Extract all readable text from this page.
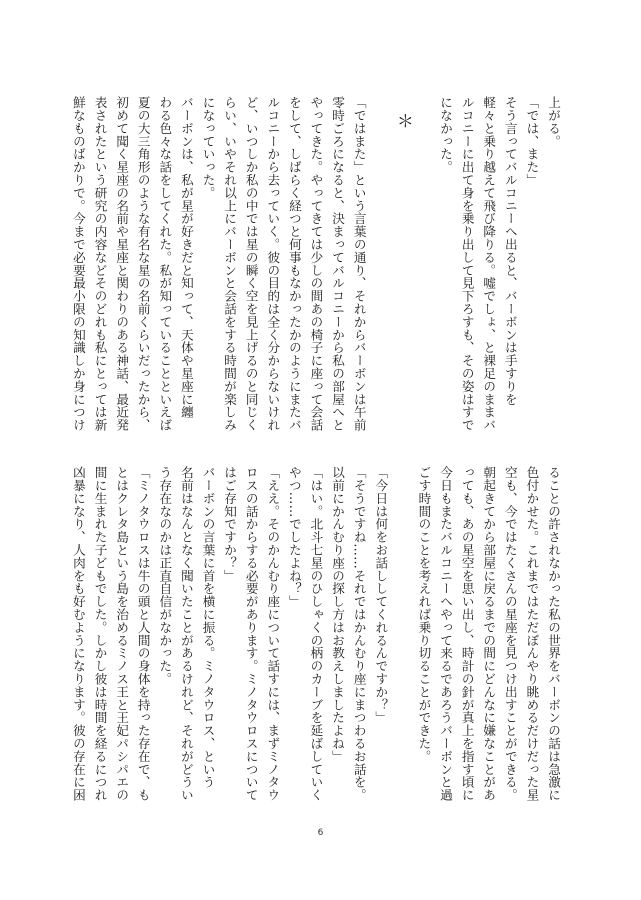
上がる。

「では、また」

そう言ってバルコニーへ出ると、バーボンは手すりを

軽々と乗り越えて飛び降りる。嘘でしょ、と裸足のままバ

ルコニーに出て身を乗り出して見下ろすも、その姿はすで

になかった。

＊

「ではまた」という言葉の通り、それからバーボンは午前

零時ごろになると、決まってバルコニーから私の部屋へと

やってきた。やってきては少しの間あの椅子に座って会話

をして、しばらく経つと何事もなかったかのようにまたバ

ルコニーから去っていく。彼の目的は全く分からないけれ

ど、いつしか私の中では星の瞬く空を見上げるのと同じく

らい、いやそれ以上にバーボンと会話をする時間が楽しみ

になっていった。

バーボンは、私が星が好きだと知って、天体や星座に纏

わる色々な話をしてくれた。私が知っていることといえば

夏の大三角形のような有名な星の名前くらいだったから、

初めて聞く星座の名前や星座と関わりのある神話、最近発

表されたという研究の内容などそのどれも私にとっては新

鮮なものばかりで。今まで必要最小限の知識しか身につけ

ることの許されなかった私の世界をバーボンの話は急激に

色付かせた。これまではただぼんやり眺めるだけだった星

空も、今ではたくさんの星座を見つけ出すことができる。

朝起きてから部屋に戻るまでの間にどんなに嫌なことがあ

っても、あの星空を思い出し、時計の針が真上を指す頃に

今日もまたバルコニーへやって来るであろうバーボンと過

ごす時間のことを考えれば乗り切ることができた。

「今日は何をお話ししてくれるんですか？」

「そうですね……それではかんむり座にまつわるお話を。

以前にかんむり座の探し方はお教えしましたよね」

「はい。北斗七星のひしゃくの柄のカーブを延ばしていく

やつ……でしたよね？」

「ええ。そのかんむり座について話すには、まずミノタウ

ロスの話からする必要があります。ミノタウロスについて

はご存知ですか？」

バーボンの言葉に首を横に振る。ミノタウロス、という

名前はなんとなく聞いたことがあるけれど、それがどうい

う存在なのかは正直自信がなかった。

「ミノタウロスは牛の頭と人間の身体を持った存在で、も

とはクレタ島という島を治めるミノス王と王妃パシパエの

間に生まれた子どもでした。しかし彼は時間を経るにつれ

凶暴になり、人肉をも好むようになります。彼の存在に困

6
